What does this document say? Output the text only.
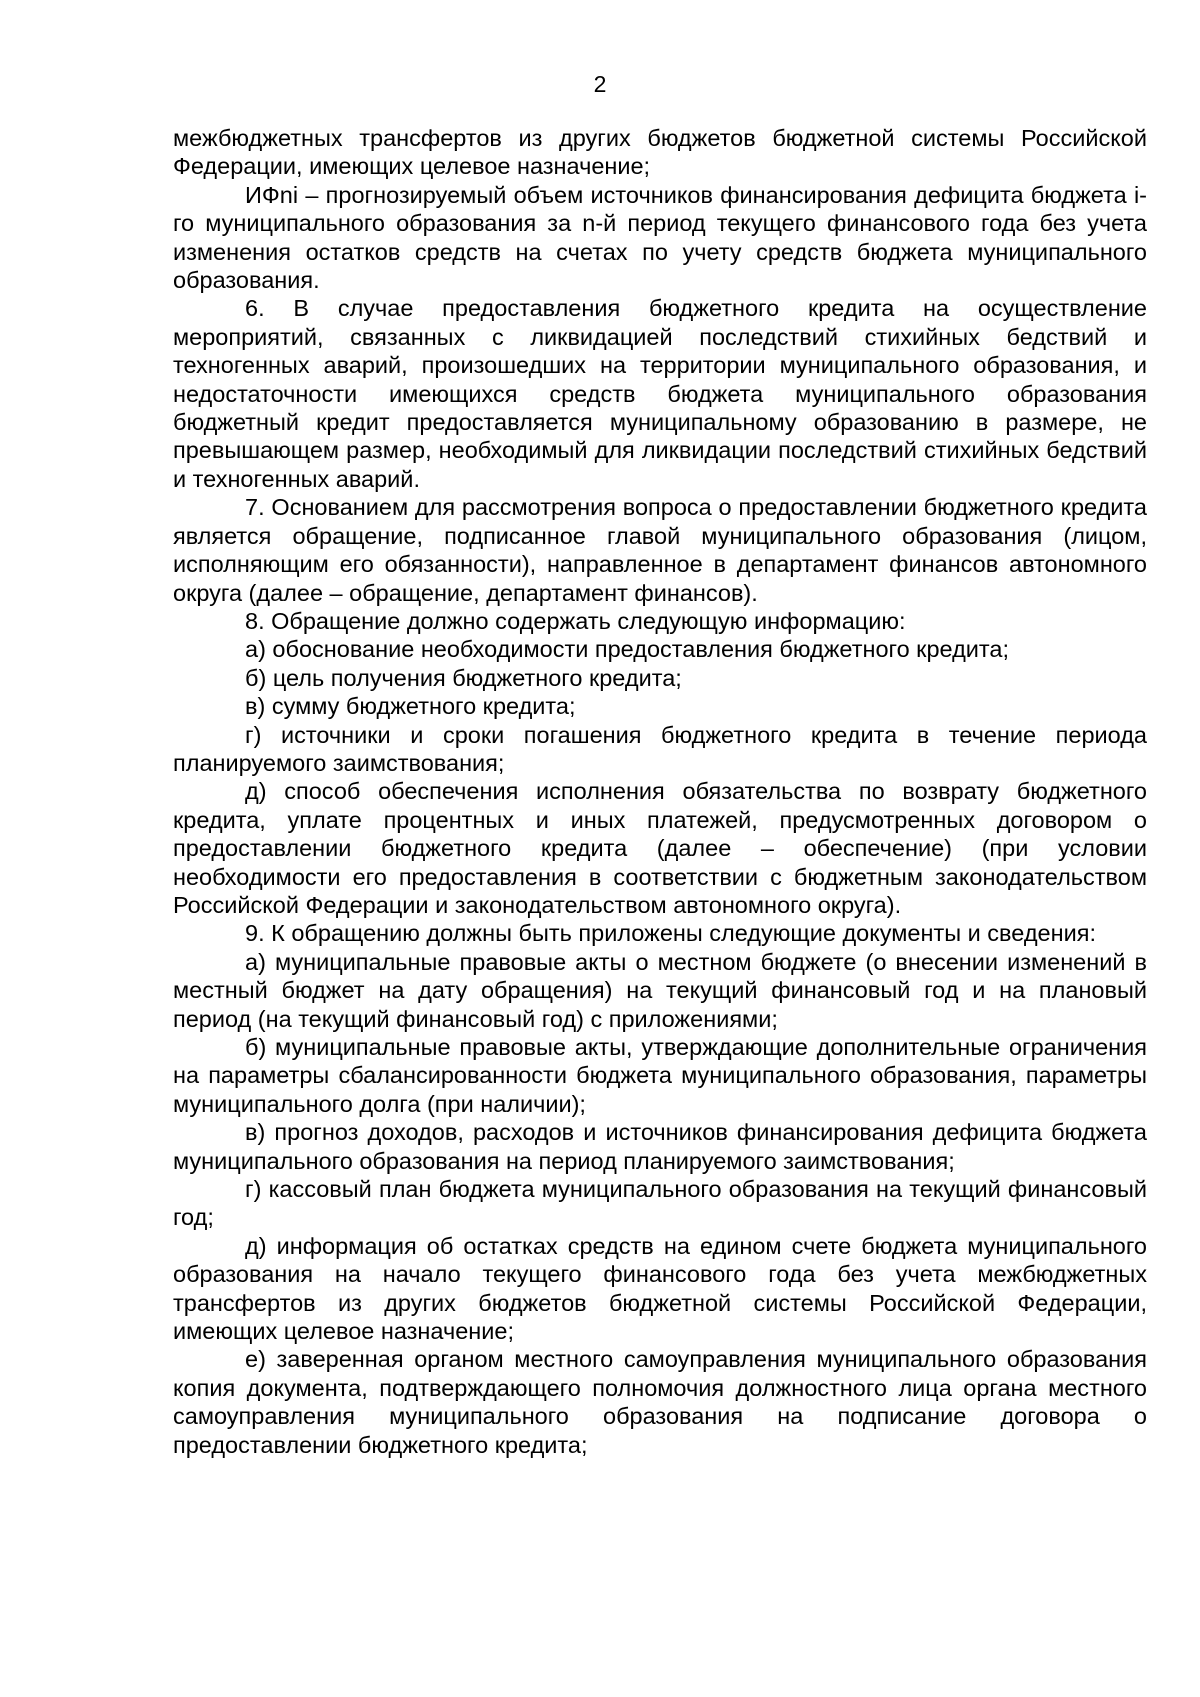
2

межбюджетных трансфертов из других бюджетов бюджетной системы Российской Федерации, имеющих целевое назначение;

ИФni – прогнозируемый объем источников финансирования дефицита бюджета i-го муниципального образования за n-й период текущего финансового года без учета изменения остатков средств на счетах по учету средств бюджета муниципального образования.

6. В случае предоставления бюджетного кредита на осуществление мероприятий, связанных с ликвидацией последствий стихийных бедствий и техногенных аварий, произошедших на территории муниципального образования, и недостаточности имеющихся средств бюджета муниципального образования бюджетный кредит предоставляется муниципальному образованию в размере, не превышающем размер, необходимый для ликвидации последствий стихийных бедствий и техногенных аварий.

7. Основанием для рассмотрения вопроса о предоставлении бюджетного кредита является обращение, подписанное главой муниципального образования (лицом, исполняющим его обязанности), направленное в департамент финансов автономного округа (далее – обращение, департамент финансов).

8. Обращение должно содержать следующую информацию:

а) обоснование необходимости предоставления бюджетного кредита;

б) цель получения бюджетного кредита;

в) сумму бюджетного кредита;

г) источники и сроки погашения бюджетного кредита в течение периода планируемого заимствования;

д) способ обеспечения исполнения обязательства по возврату бюджетного кредита, уплате процентных и иных платежей, предусмотренных договором о предоставлении бюджетного кредита (далее – обеспечение) (при условии необходимости его предоставления в соответствии с бюджетным законодательством Российской Федерации и законодательством автономного округа).

9. К обращению должны быть приложены следующие документы и сведения:

а) муниципальные правовые акты о местном бюджете (о внесении изменений в местный бюджет на дату обращения) на текущий финансовый год и на плановый период (на текущий финансовый год) с приложениями;

б) муниципальные правовые акты, утверждающие дополнительные ограничения на параметры сбалансированности бюджета муниципального образования, параметры муниципального долга (при наличии);

в) прогноз доходов, расходов и источников финансирования дефицита бюджета муниципального образования на период планируемого заимствования;

г) кассовый план бюджета муниципального образования на текущий финансовый год;

д) информация об остатках средств на едином счете бюджета муниципального образования на начало текущего финансового года без учета межбюджетных трансфертов из других бюджетов бюджетной системы Российской Федерации, имеющих целевое назначение;

е) заверенная органом местного самоуправления муниципального образования копия документа, подтверждающего полномочия должностного лица органа местного самоуправления муниципального образования на подписание договора о предоставлении бюджетного кредита;
